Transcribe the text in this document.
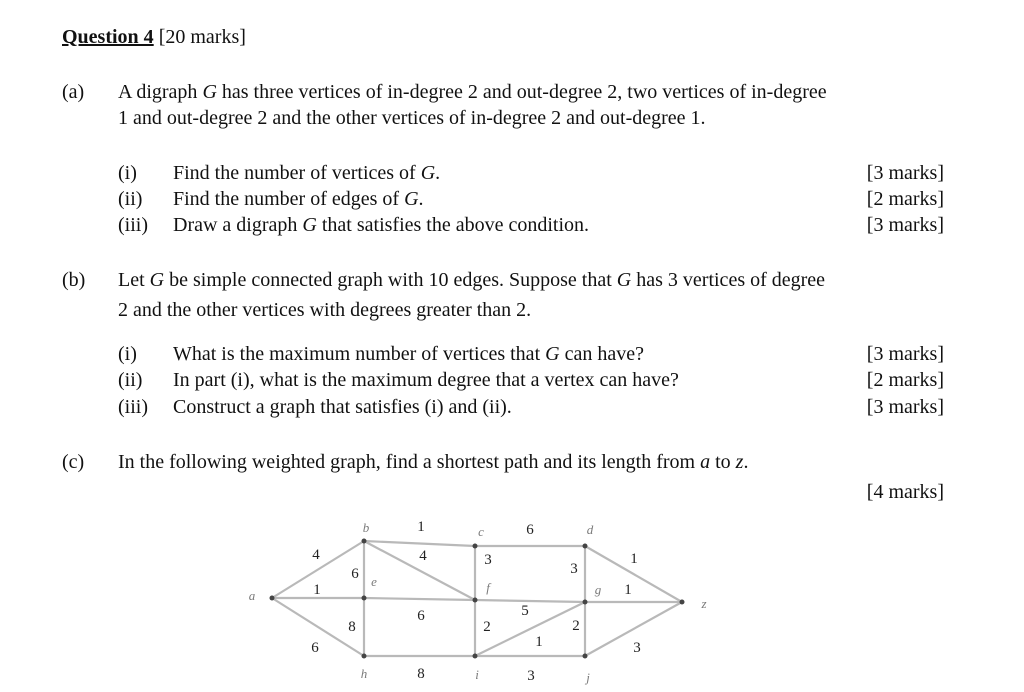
Question 4 [20 marks]
(a) A digraph G has three vertices of in-degree 2 and out-degree 2, two vertices of in-degree
1 and out-degree 2 and the other vertices of in-degree 2 and out-degree 1.
(i) Find the number of vertices of G.	[3 marks]
(ii) Find the number of edges of G.	[2 marks]
(iii) Draw a digraph G that satisfies the above condition.	[3 marks]
(b) Let G be simple connected graph with 10 edges. Suppose that G has 3 vertices of degree
2 and the other vertices with degrees greater than 2.
(i) What is the maximum number of vertices that G can have?	[3 marks]
(ii) In part (i), what is the maximum degree that a vertex can have?	[2 marks]
(iii) Construct a graph that satisfies (i) and (ii).	[3 marks]
(c) In the following weighted graph, find a shortest path and its length from a to z.
[4 marks]
4
1
6
1
6
4
6
3
3
1
6
8
1
2
1
5
2
8	3
3
a
b	c	d
e	f	g
h	i	j
z
